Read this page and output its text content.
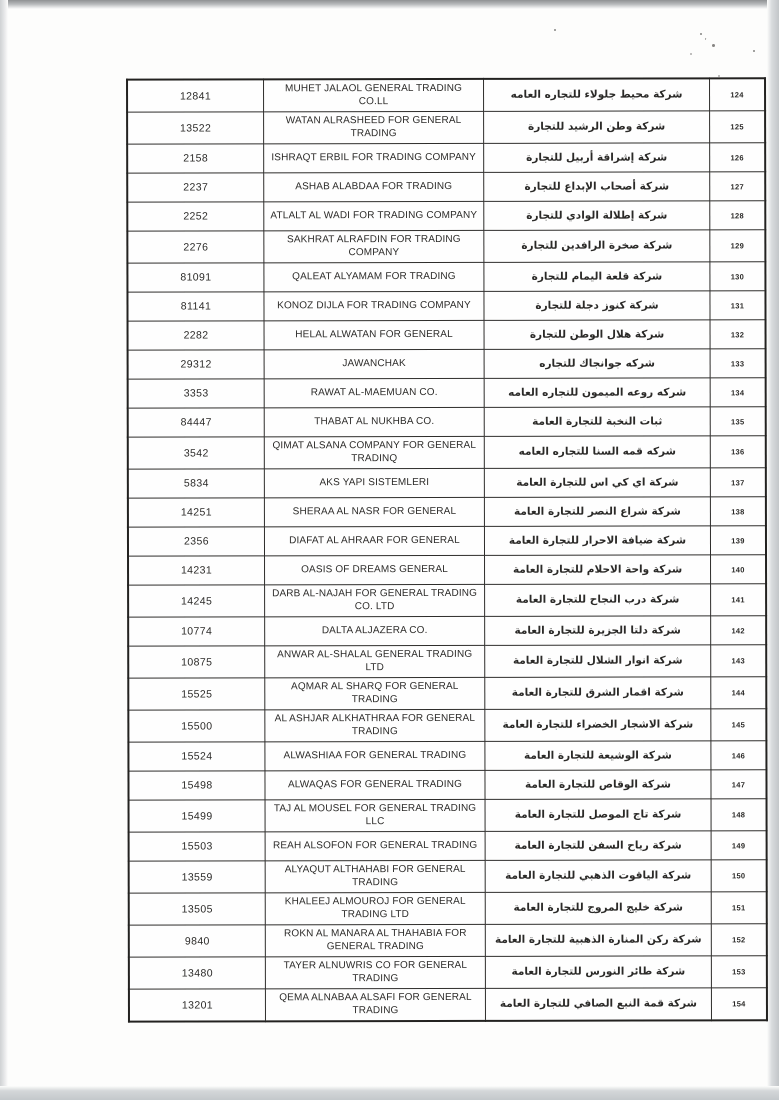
ʹ
12841	MUHET JALAOL GENERAL TRADING CO.LL	شركة محيط جلولاء للتجاره العامه	124
13522	WATAN ALRASHEED FOR GENERAL TRADING	شركة وطن الرشيد للتجارة	125
2158	ISHRAQT ERBIL FOR TRADING COMPANY	شركة إشراقة أربيل للتجارة	126
2237	ASHAB ALABDAA FOR TRADING	شركة أصحاب الإبداع للتجارة	127
2252	ATLALT AL WADI FOR TRADING COMPANY	شركة إطلالة الوادي للتجارة	128
2276	SAKHRAT ALRAFDIN FOR TRADING COMPANY	شركة صخرة الرافدين للتجارة	129
81091	QALEAT ALYAMAM FOR TRADING	شركة قلعة اليمام للتجارة	130
81141	KONOZ DIJLA FOR TRADING COMPANY	شركة كنوز دجلة للتجارة	131
2282	HELAL ALWATAN FOR GENERAL	شركة هلال الوطن للتجارة	132
29312	JAWANCHAK	شركه جوانجاك للتجاره	133
3353	RAWAT AL-MAEMUAN CO.	شركه روعه الميمون للتجاره العامه	134
84447	THABAT AL NUKHBA CO.	ثبات النخبة للتجارة العامة	135
3542	QIMAT ALSANA COMPANY FOR GENERAL TRADINQ	شركه قمه السنا للتجاره العامه	136
5834	AKS YAPI SISTEMLERI	شركة اي كي اس للتجارة العامة	137
14251	SHERAA AL NASR FOR GENERAL	شركة شراع النصر للتجارة العامة	138
2356	DIAFAT AL AHRAAR FOR GENERAL	شركة ضيافة الاحرار للتجارة العامة	139
14231	OASIS OF DREAMS GENERAL	شركة واحة الاحلام للتجارة العامة	140
14245	DARB AL-NAJAH FOR GENERAL TRADING CO. LTD	شركة درب النجاح للتجارة العامة	141
10774	DALTA ALJAZERA CO.	شركة دلتا الجزيرة للتجارة العامة	142
10875	ANWAR AL-SHALAL GENERAL TRADING LTD	شركة انوار الشلال للتجارة العامة	143
15525	AQMAR AL SHARQ FOR GENERAL TRADING	شركة اقمار الشرق للتجارة العامة	144
15500	AL ASHJAR ALKHATHRAA FOR GENERAL TRADING	شركة الاشجار الخضراء للتجارة العامة	145
15524	ALWASHIAA FOR GENERAL TRADING	شركة الوشيعة للتجارة العامة	146
15498	ALWAQAS FOR GENERAL TRADING	شركة الوقاص للتجارة العامة	147
15499	TAJ AL MOUSEL FOR GENERAL TRADING LLC	شركة تاج الموصل للتجارة العامة	148
15503	REAH ALSOFON FOR GENERAL TRADING	شركة رياح السفن للتجارة العامة	149
13559	ALYAQUT ALTHAHABI FOR GENERAL TRADING	شركة الياقوت الذهبي للتجارة العامة	150
13505	KHALEEJ ALMOUROJ FOR GENERAL TRADING LTD	شركة خليج المروج للتجارة العامة	151
9840	ROKN AL MANARA AL THAHABIA FOR GENERAL TRADING	شركة ركن المنارة الذهبية للتجارة العامة	152
13480	TAYER ALNUWRIS CO FOR GENERAL TRADING	شركة طائر النورس للتجارة العامة	153
13201	QEMA ALNABAA ALSAFI FOR GENERAL TRADING	شركة قمة النبع الصافي للتجارة العامة	154
